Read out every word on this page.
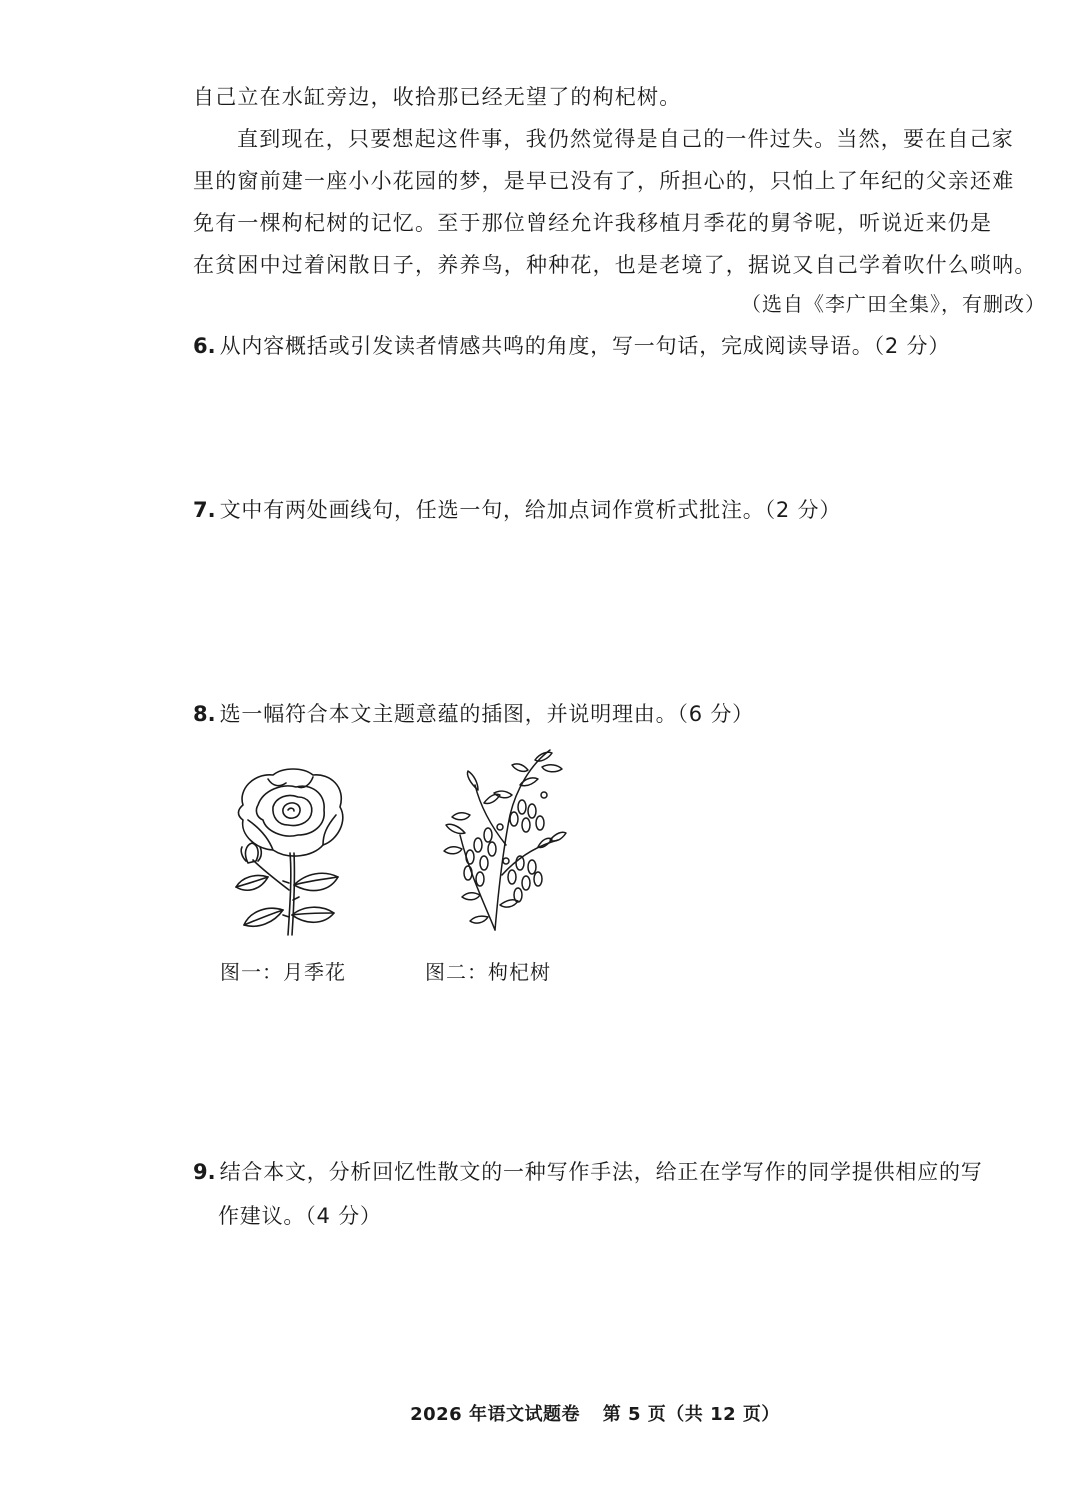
自己立在水缸旁边，收拾那已经无望了的枸杞树。
直到现在，只要想起这件事，我仍然觉得是自己的一件过失。当然，要在自己家
里的窗前建一座小小花园的梦，是早已没有了，所担心的，只怕上了年纪的父亲还难
免有一棵枸杞树的记忆。至于那位曾经允许我移植月季花的舅爷呢，听说近来仍是
在贫困中过着闲散日子，养养鸟，种种花，也是老境了，据说又自己学着吹什么唢呐。
（选自《李广田全集》，有删改）
6. 从内容概括或引发读者情感共鸣的角度，写一句话，完成阅读导语。（2 分）
7. 文中有两处画线句，任选一句，给加点词作赏析式批注。（2 分）
8. 选一幅符合本文主题意蕴的插图，并说明理由。（6 分）
图一：月季花	图二：枸杞树
9. 结合本文，分析回忆性散文的一种写作手法，给正在学写作的同学提供相应的写
作建议。（4 分）
2026 年语文试题卷 第 5 页（共 12 页）
